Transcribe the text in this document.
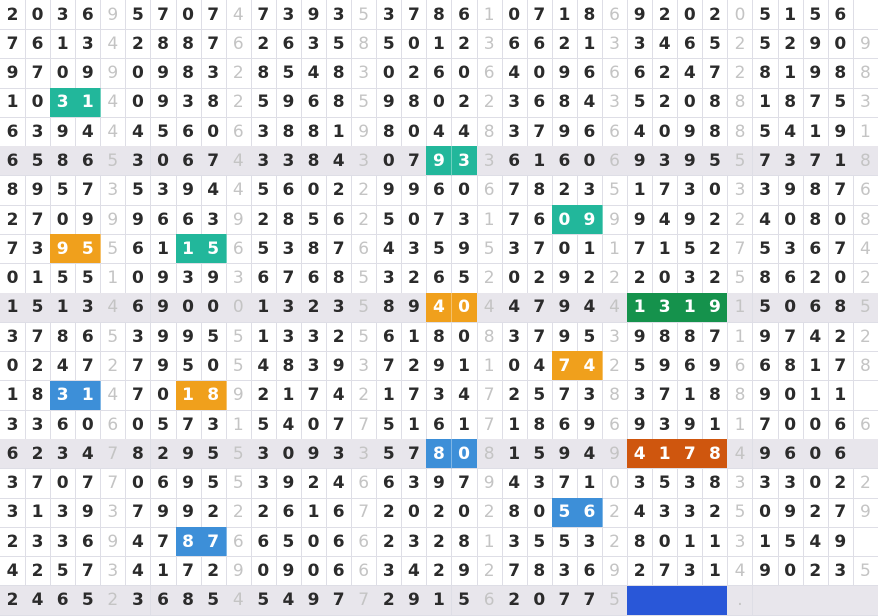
2 0 3 6 9 5 7 0 7 4 7 3 9 3 5 3 7 8 6 1 0 7 1 8 6 9 2 0 2 0 5 1 5 6
7 6 1 3 4 2 8 8 7 6 2 6 3 5 8 5 0 1 2 3 6 6 2 1 3 3 4 6 5 2 5 2 9 0 9
9 7 0 9 9 0 9 8 3 2 8 5 4 8 3 0 2 6 0 6 4 0 9 6 6 6 2 4 7 2 8 1 9 8 8
1 0 3 1 4 0 9 3 8 2 5 9 6 8 5 9 8 0 2 2 3 6 8 4 3 5 2 0 8 8 1 8 7 5 3
6 3 9 4 4 4 5 6 0 6 3 8 8 1 9 8 0 4 4 8 3 7 9 6 6 4 0 9 8 8 5 4 1 9 1
6 5 8 6 5 3 0 6 7 4 3 3 8 4 3 0 7 9 3 3 6 1 6 0 6 9 3 9 5 5 7 3 7 1 8
8 9 5 7 3 5 3 9 4 4 5 6 0 2 2 9 9 6 0 6 7 8 2 3 5 1 7 3 0 3 3 9 8 7 6
2 7 0 9 9 9 6 6 3 9 2 8 5 6 2 5 0 7 3 1 7 6 0 9 9 9 4 9 2 2 4 0 8 0 8
7 3 9 5 5 6 1 1 5 6 5 3 8 7 6 4 3 5 9 5 3 7 0 1 1 7 1 5 2 7 5 3 6 7 4
0 1 5 5 1 0 9 3 9 3 6 7 6 8 5 3 2 6 5 2 0 2 9 2 2 2 0 3 2 5 8 6 2 0 2
1 5 1 3 4 6 9 0 0 0 1 3 2 3 5 8 9 4 0 4 4 7 9 4 4 1 3 1 9 1 5 0 6 8 5
3 7 8 6 5 3 9 9 5 5 1 3 3 2 5 6 1 8 0 8 3 7 9 5 3 9 8 8 7 1 9 7 4 2 2
0 2 4 7 2 7 9 5 0 5 4 8 3 9 3 7 2 9 1 1 0 4 7 4 2 5 9 6 9 6 6 8 1 7 8
1 8 3 1 4 7 0 1 8 9 2 1 7 4 2 1 7 3 4 7 2 5 7 3 8 3 7 1 8 8 9 0 1 1
3 3 6 0 6 0 5 7 3 1 5 4 0 7 7 5 1 6 1 7 1 8 6 9 6 9 3 9 1 1 7 0 0 6 6
6 2 3 4 7 8 2 9 5 5 3 0 9 3 3 5 7 8 0 8 1 5 9 4 9 4 1 7 8 4 9 6 0 6
3 7 0 7 7 0 6 9 5 5 3 9 2 4 6 6 3 9 7 9 4 3 7 1 0 3 5 3 8 3 3 3 0 2 2
3 1 3 9 3 7 9 9 2 2 2 6 1 6 7 2 0 2 0 2 8 0 5 6 2 4 3 3 2 5 0 9 2 7 9
2 3 3 6 9 4 7 8 7 6 6 5 0 6 6 2 3 2 8 1 3 5 5 3 2 8 0 1 1 3 1 5 4 9
4 2 5 7 3 4 1 7 2 9 0 9 0 6 6 3 4 2 9 2 7 8 3 6 9 2 7 3 1 4 9 0 2 3 5
2 4 6 5 2 3 6 8 5 4 5 4 9 7 7 2 9 1 5 6 2 0 7 7 5	.
